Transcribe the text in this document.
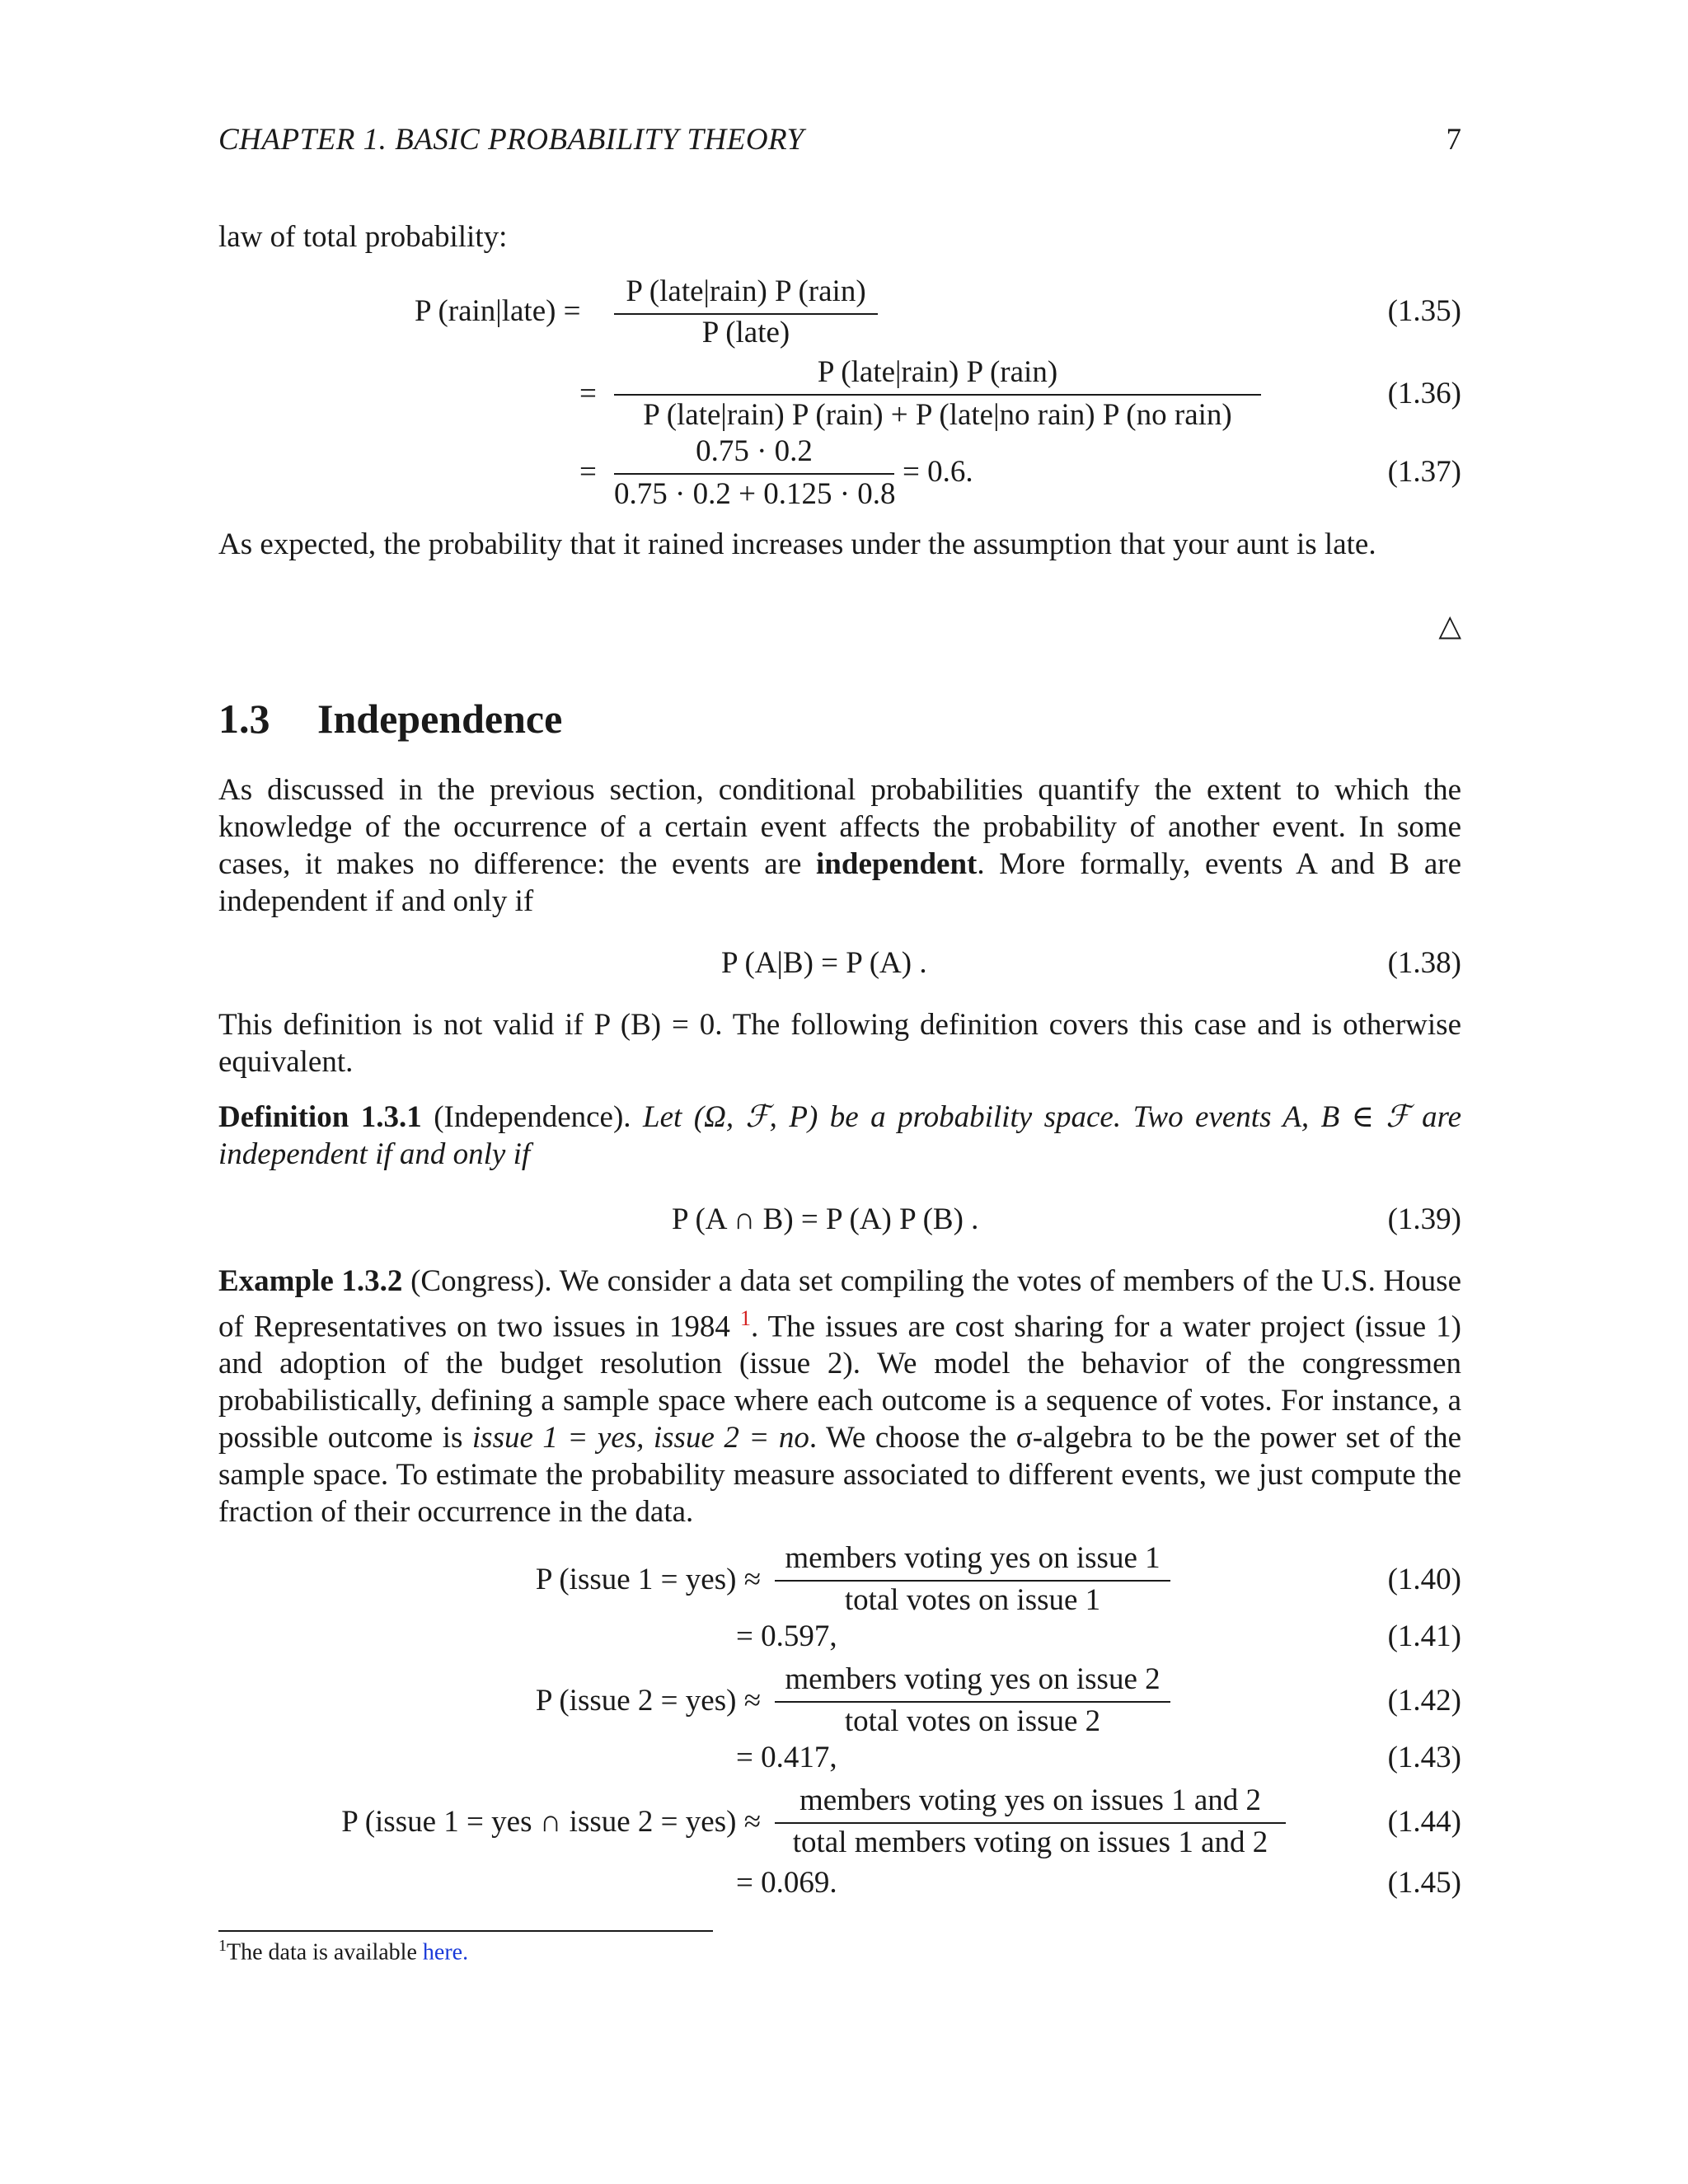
CHAPTER 1. BASIC PROBABILITY THEORY	7
law of total probability:
P (rain|late) =
P (late|rain) P (rain)
P (late)
(1.35)
=
P (late|rain) P (rain)
P (late|rain) P (rain) + P (late|no rain) P (no rain)
(1.36)
=
0.75 · 0.2
0.75 · 0.2 + 0.125 · 0.8
= 0.6.	(1.37)
As expected, the probability that it rained increases under the assumption that your aunt is late.
△
1.3 Independence
As discussed in the previous section, conditional probabilities quantify the extent to which the knowledge of the occurrence of a certain event affects the probability of another event. In some cases, it makes no difference: the events are independent. More formally, events A and B are independent if and only if
P (A|B) = P (A) .	(1.38)
This definition is not valid if P (B) = 0. The following definition covers this case and is otherwise equivalent.
Definition 1.3.1 (Independence). Let (Ω, ℱ, P) be a probability space. Two events A, B ∈ ℱ are independent if and only if
P (A ∩ B) = P (A) P (B) .	(1.39)
Example 1.3.2 (Congress). We consider a data set compiling the votes of members of the U.S. House of Representatives on two issues in 1984 $^1$. The issues are cost sharing for a water project (issue 1) and adoption of the budget resolution (issue 2). We model the behavior of the congressmen probabilistically, defining a sample space where each outcome is a sequence of votes. For instance, a possible outcome is issue 1 = yes, issue 2 = no. We choose the σ-algebra to be the power set of the sample space. To estimate the probability measure associated to different events, we just compute the fraction of their occurrence in the data.
P (issue 1 = yes) ≈
members voting yes on issue 1
total votes on issue 1
(1.40)
= 0.597,	(1.41)
P (issue 2 = yes) ≈
members voting yes on issue 2
total votes on issue 2
(1.42)
= 0.417,	(1.43)
P (issue 1 = yes ∩ issue 2 = yes) ≈
members voting yes on issues 1 and 2
total members voting on issues 1 and 2
(1.44)
= 0.069.	(1.45)
$^1$The data is available here.
